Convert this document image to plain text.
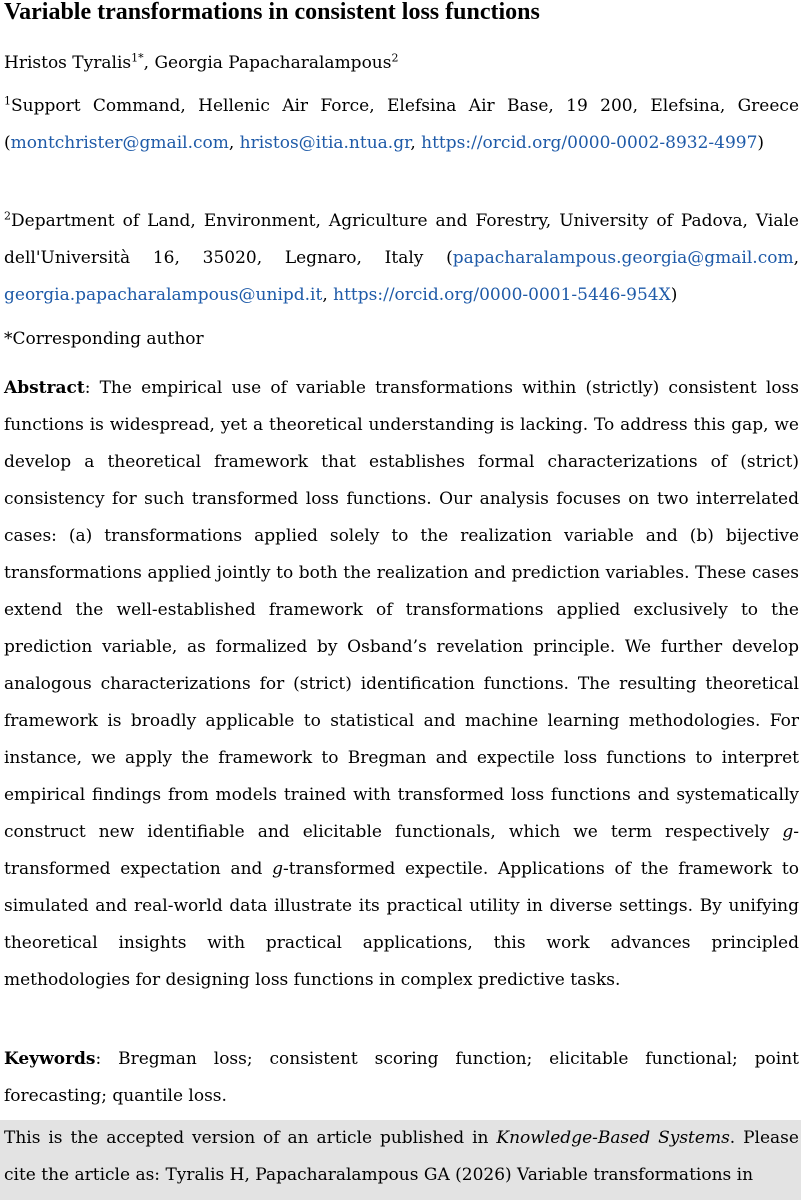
Variable transformations in consistent loss functions
Hristos Tyralis$^{1*}$, Georgia Papacharalampous$^2$
$^1$Support Command, Hellenic Air Force, Elefsina Air Base, 19 200, Elefsina, Greece (montchrister@gmail.com, hristos@itia.ntua.gr, https://orcid.org/0000-0002-8932-4997)
$^2$Department of Land, Environment, Agriculture and Forestry, University of Padova, Viale dell'Università 16, 35020, Legnaro, Italy (papacharalampous.georgia@gmail.com, georgia.papacharalampous@unipd.it, https://orcid.org/0000-0001-5446-954X)
*Corresponding author
Abstract: The empirical use of variable transformations within (strictly) consistent loss functions is widespread, yet a theoretical understanding is lacking. To address this gap, we develop a theoretical framework that establishes formal characterizations of (strict) consistency for such transformed loss functions. Our analysis focuses on two interrelated cases: (a) transformations applied solely to the realization variable and (b) bijective transformations applied jointly to both the realization and prediction variables. These cases extend the well-established framework of transformations applied exclusively to the prediction variable, as formalized by Osband’s revelation principle. We further develop analogous characterizations for (strict) identification functions. The resulting theoretical framework is broadly applicable to statistical and machine learning methodologies. For instance, we apply the framework to Bregman and expectile loss functions to interpret empirical findings from models trained with transformed loss functions and systematically construct new identifiable and elicitable functionals, which we term respectively g-transformed expectation and g-transformed expectile. Applications of the framework to simulated and real-world data illustrate its practical utility in diverse settings. By unifying theoretical insights with practical applications, this work advances principled methodologies for designing loss functions in complex predictive tasks.
Keywords: Bregman loss; consistent scoring function; elicitable functional; point forecasting; quantile loss.
This is the accepted version of an article published in Knowledge-Based Systems. Please cite the article as: Tyralis H, Papacharalampous GA (2026) Variable transformations in
